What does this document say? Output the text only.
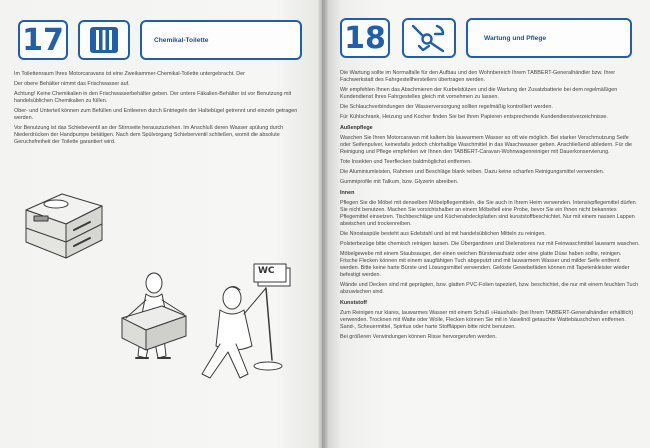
17	Chemikal-Toilette

Im Toilettenraum Ihres Motorcaravans ist eine Zweikammer-Chemikal-Toilette untergebracht. Der

Der obere Behälter nimmt das Frischwasser auf.

Achtung! Keine Chemikalien in den Frischwasserbehälter geben. Der untere Fäkalien-Behälter ist vor Benutzung mit handelsüblichen Chemikalien zu füllen.

Ober- und Unterteil können zum Befüllen und Entleeren durch Entriegeln der Haltebügel getrennt und einzeln getragen werden.

Vor Benutzung ist das Schiebeventil an der Stirnseite herauszuziehen. Im Anschluß deren Wasser spülung durch Niederdrücken der Handpumpe betätigen. Nach dem Spülvorgang Schieberventil schließen, womit die absolute Geruchsfreiheit der Toilette garantiert wird.

WC
18	Wartung und Pflege

Die Wartung sollte im Normalfalle für den Aufbau und den Wohnbereich Ihrem TABBERT-Generalhändler bzw. Ihrer Fachwerkstatt des Fahrgestellherstellers übertragen werden.

Wir empfehlen Ihnen das Abschmieren der Kurbelstützen und die Wartung der Zusatzbatterie bei dem regelmäßigen Kundendienst Ihres Fahrgestelles gleich mit vornehmen zu lassen.

Die Schlauchverbindungen der Wasserversorgung sollten regelmäßig kontrolliert werden.

Für Kühlschrank, Heizung und Kocher finden Sie bei Ihren Papieren entsprechende Kundendienstverzeichnisse.

Außenpflege

Waschen Sie Ihren Motorcaravan mit kaltem bis lauwarmem Wasser so oft wie möglich. Bei starker Verschmutzung Seife oder Seifenpulver, keinesfalls jedoch chlorhaltige Waschmittel in das Waschwasser geben. Anschließend abledern. Für die Reinigung und Pflege empfehlen wir Ihnen den TABBERT-Caravan-Wohnwagenreiniger mit Dauerkonservierung.

Tote Insekten und Teerflecken baldmöglichst entfernen.

Die Aluminiumleisten, Rahmen und Beschläge blank reiben. Dazu keine scharfen Reinigungsmittel verwenden.

Gummiprofile mit Talkum, bzw. Glyzerin abreiben.

Innen

Pflegen Sie die Möbel mit denselben Möbelpflegemitteln, die Sie auch in Ihrem Heim verwenden. Intensivpflegemittel dürfen Sie nicht benutzen. Machen Sie vorsichtshalber an einem Möbelteil eine Probe, bevor Sie ein Ihnen nicht bekanntes Pflegemittel einsetzen. Tischbeschläge und Küchenabdeckplatten sind kunststoffbeschichtet. Nur mit einem nassen Lappen abwischen und trockenreiben.

Die Nirostaspüle besteht aus Edelstahl und ist mit handelsüblichen Mitteln zu reinigen.

Polsterbezüge bitte chemisch reinigen lassen. Die Übergardinen und Dielenstores nur mit Feinwaschmittel lauwarm waschen.

Möbelgewebe mit einem Staubsauger, der einen weichen Bürstenaufsatz oder eine glatte Düse haben sollte, reinigen. Frische Flecken können mit einem saugfähigen Tuch abgeputzt und mit lauwarmem Wasser und milder Seife entfernt werden. Bitte keine harte Bürste und Lösungsmittel verwenden. Gelöste Gewebefäden können mit Tapetenkleister wieder befestigt werden.

Wände und Decken sind mit geprägten, bzw. glatten PVC-Folien tapeziert, bzw. beschichtet, die nur mit einem feuchten Tuch abzuwischen sind.

Kunststoff

Zum Reinigen nur klares, lauwarmes Wasser mit einem Schuß »Haushalt« (bei Ihrem TABBERT-Generalhändler erhältlich) verwenden. Trocknen mit Watte oder Wolle, Flecken können Sie mit in Vaselinöl getauchte Wattebäuschchen entfernen. Sand-, Scheuermittel, Spiritus oder harte Stoffläppen bitte nicht benutzen.

Bei größeren Verwindungen können Risse hervorgerufen werden.
